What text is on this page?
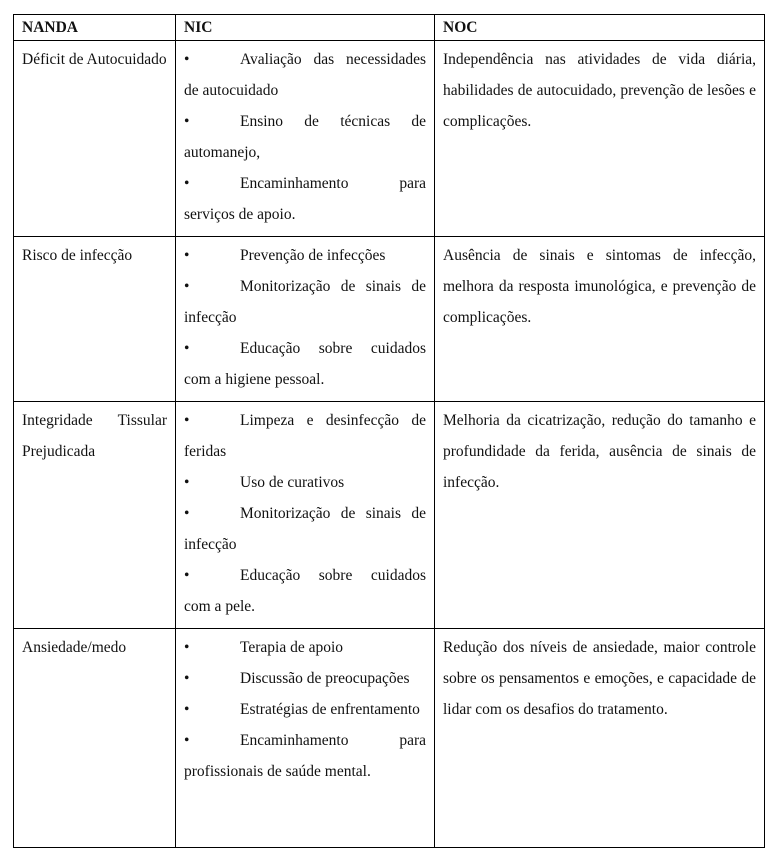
NANDA	NIC	NOC
Déficit de Autocuidado	• Avaliação das necessidades de autocuidado
• Ensino de técnicas de automanejo,
• Encaminhamento para serviços de apoio.	Independência nas atividades de vida diária, habilidades de autocuidado, prevenção de lesões e complicações.
Risco de infecção	• Prevenção de infecções
• Monitorização de sinais de infecção
• Educação sobre cuidados com a higiene pessoal.	Ausência de sinais e sintomas de infecção, melhora da resposta imunológica, e prevenção de complicações.
Integridade Tissular Prejudicada	• Limpeza e desinfecção de feridas
• Uso de curativos
• Monitorização de sinais de infecção
• Educação sobre cuidados com a pele.	Melhoria da cicatrização, redução do tamanho e profundidade da ferida, ausência de sinais de infecção.
Ansiedade/medo	• Terapia de apoio
• Discussão de preocupações
• Estratégias de enfrentamento
• Encaminhamento para profissionais de saúde mental.	Redução dos níveis de ansiedade, maior controle sobre os pensamentos e emoções, e capacidade de lidar com os desafios do tratamento.
